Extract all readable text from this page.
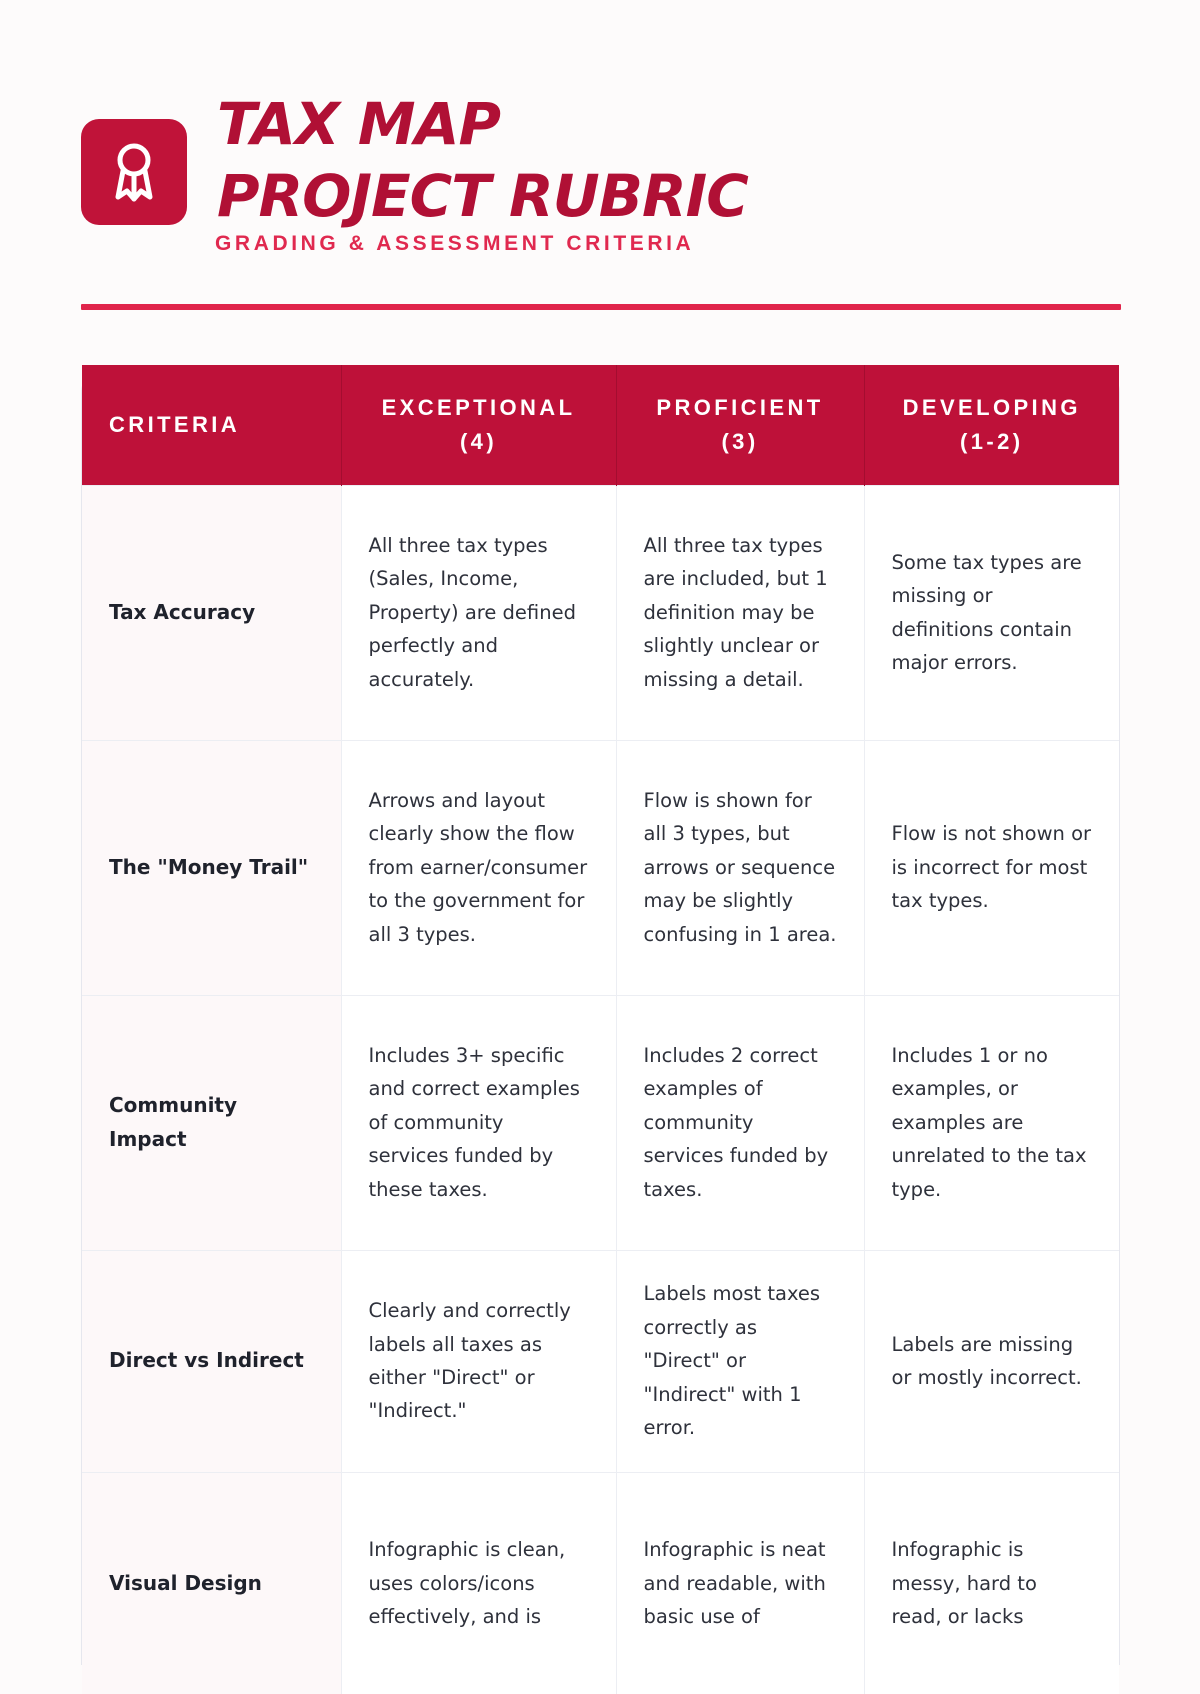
TAX MAP
PROJECT RUBRIC
GRADING & ASSESSMENT CRITERIA
CRITERIA	EXCEPTIONAL (4)	PROFICIENT (3)	DEVELOPING (1-2)
Tax Accuracy	All three tax types (Sales, Income, Property) are defined perfectly and accurately.	All three tax types are included, but 1 definition may be slightly unclear or missing a detail.	Some tax types are missing or definitions contain major errors.
The "Money Trail"	Arrows and layout clearly show the flow from earner/consumer to the government for all 3 types.	Flow is shown for all 3 types, but arrows or sequence may be slightly confusing in 1 area.	Flow is not shown or is incorrect for most tax types.
Community Impact	Includes 3+ specific and correct examples of community services funded by these taxes.	Includes 2 correct examples of community services funded by taxes.	Includes 1 or no examples, or examples are unrelated to the tax type.
Direct vs Indirect	Clearly and correctly labels all taxes as either "Direct" or "Indirect."	Labels most taxes correctly as "Direct" or "Indirect" with 1 error.	Labels are missing or mostly incorrect.
Visual Design	Infographic is clean, uses colors/icons effectively, and is	Infographic is neat and readable, with basic use of	Infographic is messy, hard to read, or lacks
